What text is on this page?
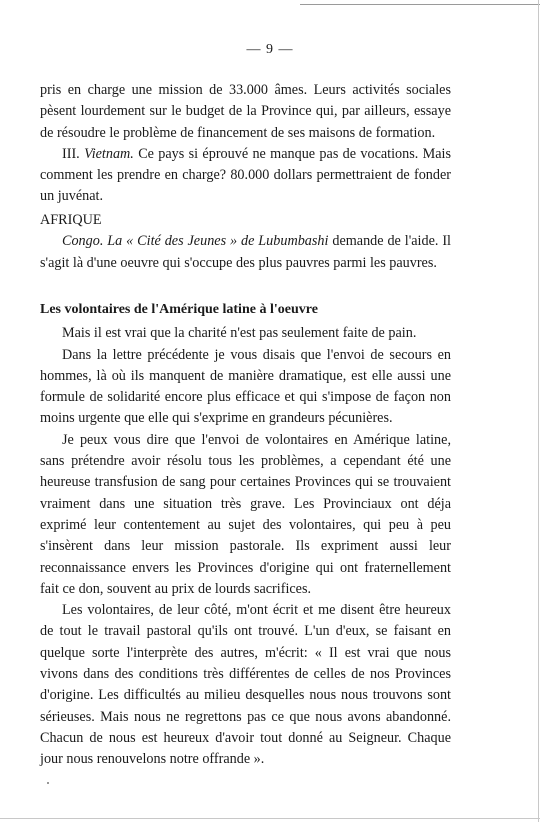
— 9 —

pris en charge une mission de 33.000 âmes. Leurs activités sociales pèsent lourdement sur le budget de la Province qui, par ailleurs, essaye de résoudre le problème de financement de ses maisons de formation.

III. Vietnam. Ce pays si éprouvé ne manque pas de vocations. Mais comment les prendre en charge? 80.000 dollars permettraient de fonder un juvénat.

AFRIQUE

Congo. La « Cité des Jeunes » de Lubumbashi demande de l'aide. Il s'agit là d'une oeuvre qui s'occupe des plus pauvres parmi les pauvres.

Les volontaires de l'Amérique latine à l'oeuvre

Mais il est vrai que la charité n'est pas seulement faite de pain.

Dans la lettre précédente je vous disais que l'envoi de secours en hommes, là où ils manquent de manière dramatique, est elle aussi une formule de solidarité encore plus efficace et qui s'impose de façon non moins urgente que elle qui s'exprime en grandeurs pécunières.

Je peux vous dire que l'envoi de volontaires en Amérique latine, sans prétendre avoir résolu tous les problèmes, a cependant été une heureuse transfusion de sang pour certaines Provinces qui se trouvaient vraiment dans une situation très grave. Les Provinciaux ont déja exprimé leur contentement au sujet des volontaires, qui peu à peu s'insèrent dans leur mission pastorale. Ils expriment aussi leur reconnaissance envers les Provinces d'origine qui ont fraternellement fait ce don, souvent au prix de lourds sacrifices.

Les volontaires, de leur côté, m'ont écrit et me disent être heureux de tout le travail pastoral qu'ils ont trouvé. L'un d'eux, se faisant en quelque sorte l'interprète des autres, m'écrit: « Il est vrai que nous vivons dans des conditions très différentes de celles de nos Provinces d'origine. Les difficultés au milieu desquelles nous nous trouvons sont sérieuses. Mais nous ne regrettons pas ce que nous avons abandonné. Chacun de nous est heureux d'avoir tout donné au Seigneur. Chaque jour nous renouvelons notre offrande ».
